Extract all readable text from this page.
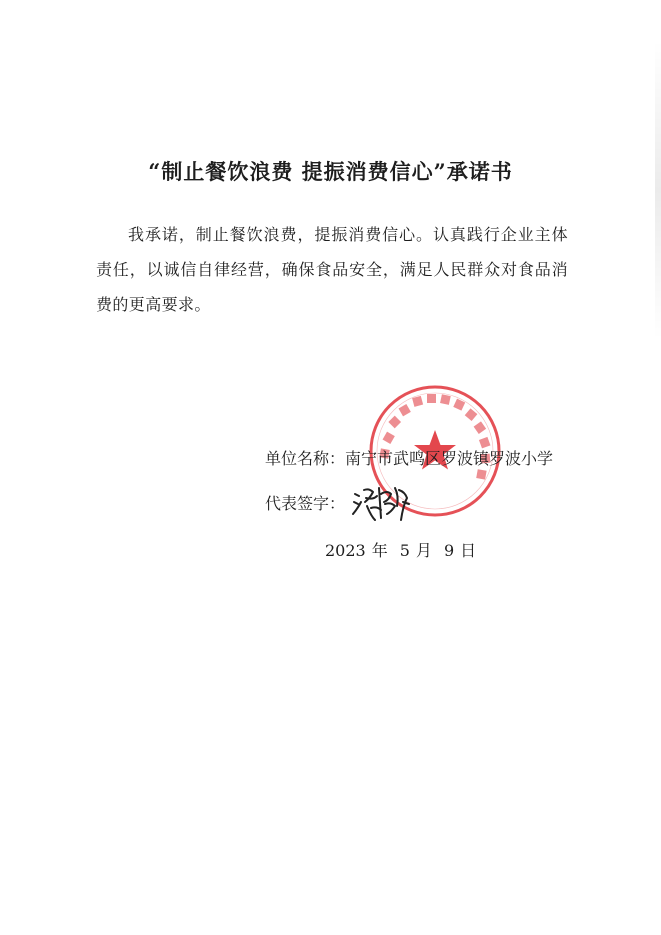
“制止餐饮浪费 提振消费信心”承诺书
我承诺，制止餐饮浪费，提振消费信心。认真践行企业主体责任，以诚信自律经营，确保食品安全，满足人民群众对食品消费的更高要求。
单位名称：南宁市武鸣区罗波镇罗波小学
代表签字：
2023 年 5 月 9 日
